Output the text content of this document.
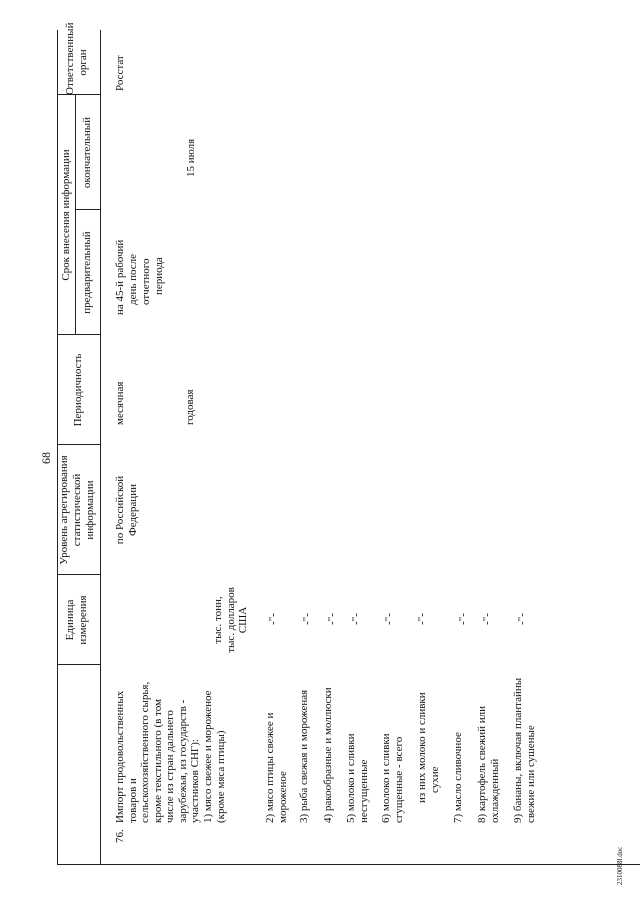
68
Единица измерения
Уровень агрегирования статистической информации
Периодичность
Срок внесения информации предварительный
окончательный
Ответственный орган
76.
Импорт продовольственных товаров и сельскохозяйственного сырья, кроме текстильного (в том числе из стран дальнего зарубежья, из государств - участников СНГ):
тыс. тонн, тыс. долларов США
по Российской Федерации
месячная	годовая
на 45-й рабочий день после отчетного периода
15 июля
Росстат
1) мясо свежее и мороженое (кроме мяса птицы)	2) мясо птицы свежее и мороженое
-"-
3) рыба свежая и мороженая
-"-
4) ракообразные и моллюски
-"-
5) молоко и сливки несгущенные
-"-
6) молоко и сливки сгущенные - всего
-"-
из них молоко и сливки сухие
-"-
7) масло сливочное
-"-
8) картофель свежий или охлажденный
-"-
9) бананы, включая плантайны свежие или сушеные
-"-
2310088l.doc
